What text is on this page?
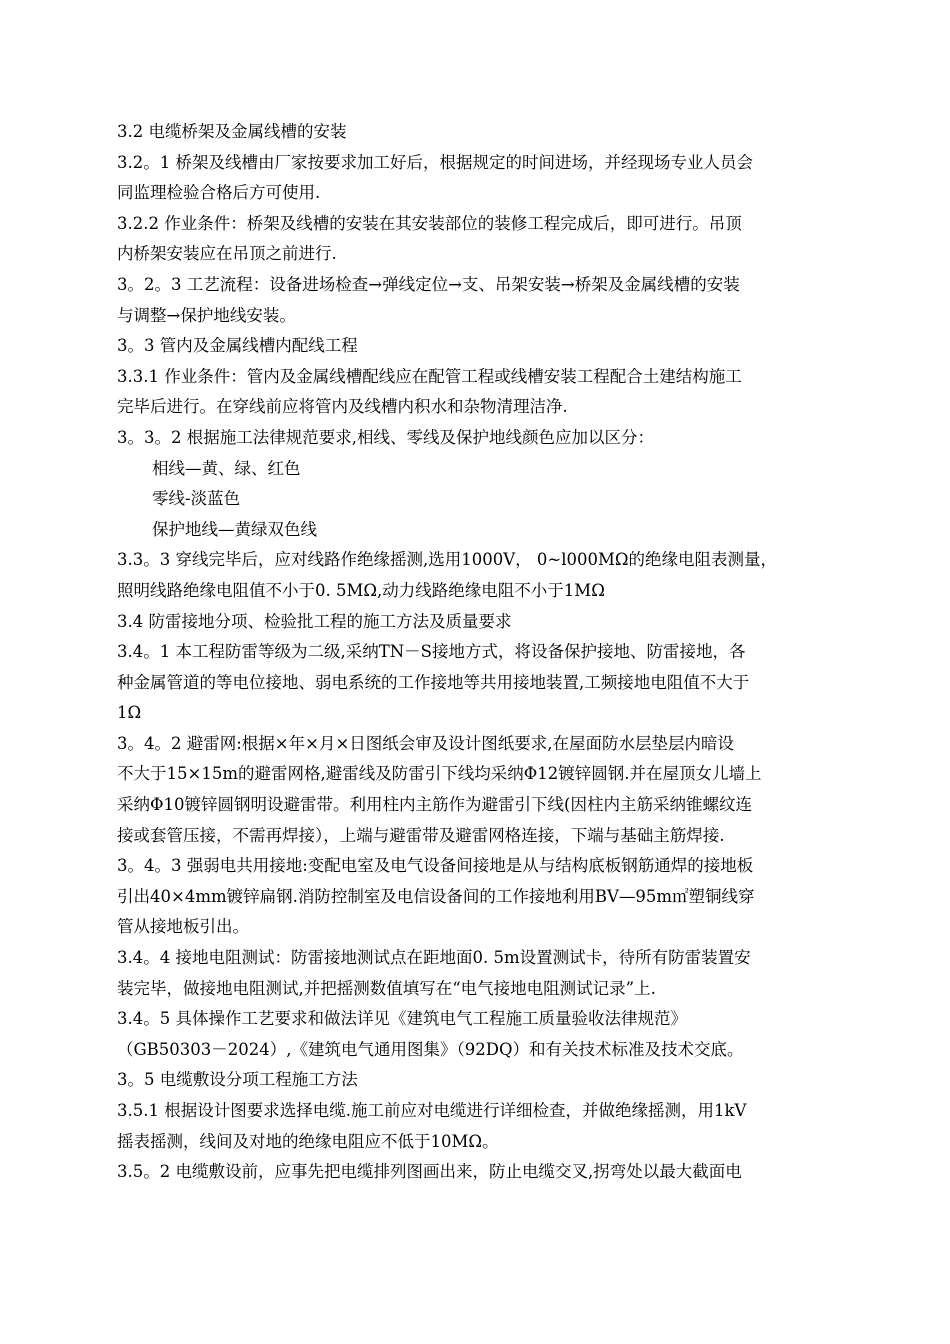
3.2 电缆桥架及金属线槽的安装
3.2。1 桥架及线槽由厂家按要求加工好后，根据规定的时间进场，并经现场专业人员会
同监理检验合格后方可使用.
3.2.2 作业条件：桥架及线槽的安装在其安装部位的装修工程完成后，即可进行。吊顶
内桥架安装应在吊顶之前进行.
3。2。3 工艺流程：设备进场检查→弹线定位→支、吊架安装→桥架及金属线槽的安装
与调整→保护地线安装。
3。3 管内及金属线槽内配线工程
3.3.1 作业条件：管内及金属线槽配线应在配管工程或线槽安装工程配合土建结构施工
完毕后进行。在穿线前应将管内及线槽内积水和杂物清理洁净.
3。3。2 根据施工法律规范要求,相线、零线及保护地线颜色应加以区分：
相线—黄、绿、红色
零线-淡蓝色
保护地线—黄绿双色线
3.3。3 穿线完毕后，应对线路作绝缘摇测,选用1000V， 0~l000MΩ的绝缘电阻表测量，
照明线路绝缘电阻值不小于0. 5MΩ,动力线路绝缘电阻不小于1MΩ
3.4 防雷接地分项、检验批工程的施工方法及质量要求
3.4。1 本工程防雷等级为二级,采纳TN－S接地方式，将设备保护接地、防雷接地，各
种金属管道的等电位接地、弱电系统的工作接地等共用接地装置,工频接地电阻值不大于
1Ω
3。4。2 避雷网:根据×年×月×日图纸会审及设计图纸要求,在屋面防水层垫层内暗设
不大于15×15m的避雷网格,避雷线及防雷引下线均采纳Φ12镀锌圆钢.并在屋顶女儿墙上
采纳Φ10镀锌圆钢明设避雷带。利用柱内主筋作为避雷引下线(因柱内主筋采纳锥螺纹连
接或套管压接，不需再焊接），上端与避雷带及避雷网格连接，下端与基础主筋焊接.
3。4。3 强弱电共用接地:变配电室及电气设备间接地是从与结构底板钢筋通焊的接地板
引出40×4mm镀锌扁钢.消防控制室及电信设备间的工作接地利用BV—95m㎡塑铜线穿
管从接地板引出。
3.4。4 接地电阻测试：防雷接地测试点在距地面0. 5m设置测试卡，待所有防雷装置安
装完毕，做接地电阻测试,并把摇测数值填写在“电气接地电阻测试记录”上.
3.4。5 具体操作工艺要求和做法详见《建筑电气工程施工质量验收法律规范》
（GB50303－2024）,《建筑电气通用图集》（92DQ）和有关技术标准及技术交底。
3。5 电缆敷设分项工程施工方法
3.5.1 根据设计图要求选择电缆.施工前应对电缆进行详细检查，并做绝缘摇测，用1kV
摇表摇测，线间及对地的绝缘电阻应不低于10MΩ。
3.5。2 电缆敷设前，应事先把电缆排列图画出来，防止电缆交叉,拐弯处以最大截面电
